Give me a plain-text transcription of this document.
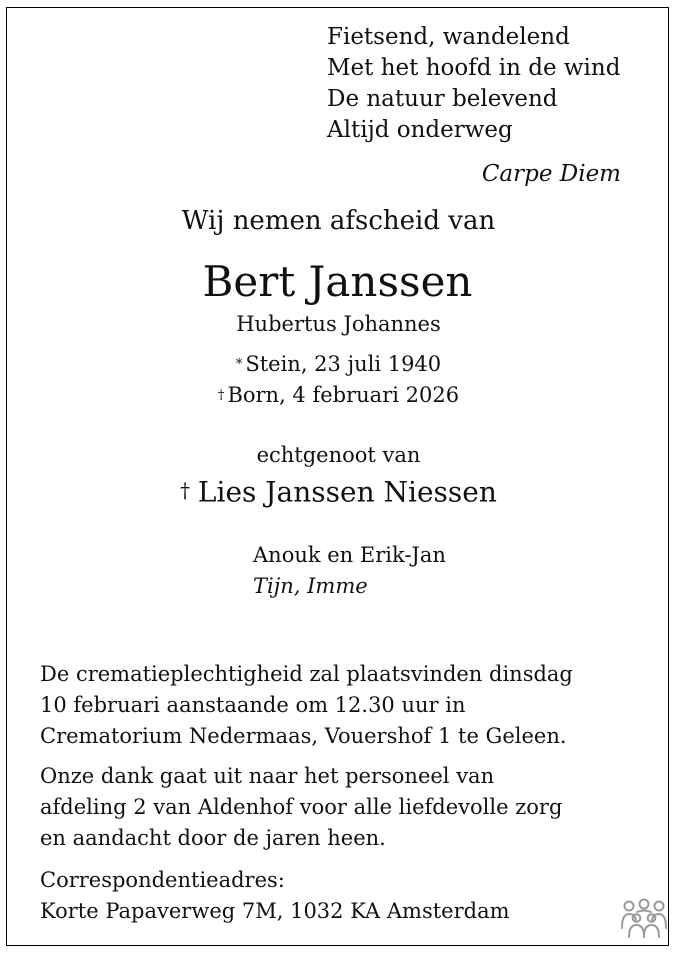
Fietsend, wandelend
Met het hoofd in de wind
De natuur belevend
Altijd onderweg
Carpe Diem
Wij nemen afscheid van
Bert Janssen
Hubertus Johannes
* Stein, 23 juli 1940
† Born, 4 februari 2026
echtgenoot van
† Lies Janssen Niessen
Anouk en Erik-Jan
Tijn, Imme
De crematieplechtigheid zal plaatsvinden dinsdag
10 februari aanstaande om 12.30 uur in
Crematorium Nedermaas, Vouershof 1 te Geleen.
Onze dank gaat uit naar het personeel van
afdeling 2 van Aldenhof voor alle liefdevolle zorg
en aandacht door de jaren heen.
Correspondentieadres:
Korte Papaverweg 7M, 1032 KA Amsterdam
